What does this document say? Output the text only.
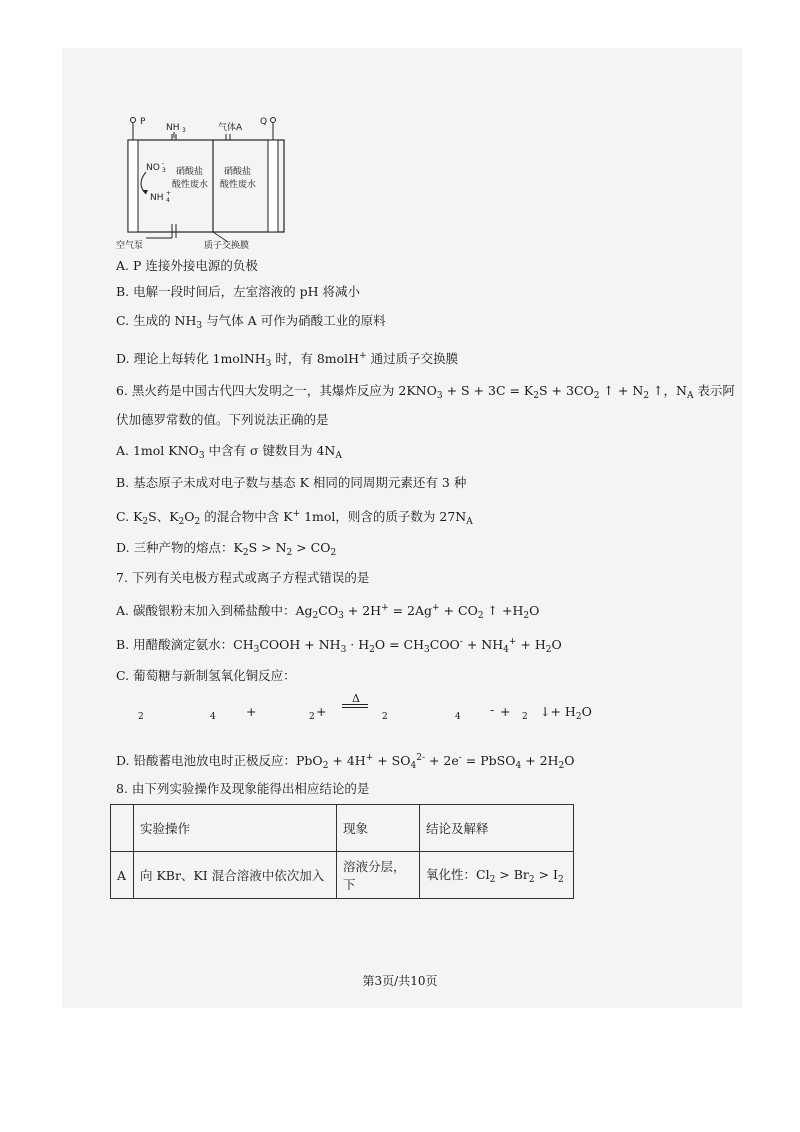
P	Q
NH 3	气体A
NO 3
-
NH 4
+
硝酸盐
酸性废水
硝酸盐
酸性废水
空气泵	质子交换膜
A. P 连接外接电源的负极
B. 电解一段时间后，左室溶液的 pH 将减小
C. 生成的 $NH_3$ 与气体 A 可作为硝酸工业的原料
D. 理论上每转化 1molNH$_3$ 时，有 8molH+ 通过质子交换膜
6. 黑火药是中国古代四大发明之一，其爆炸反应为 $2KNO_3 + S + 3C = K_2S + 3CO_2$ ↑ + $N_2$ ↑，$N_A$ 表示阿
伏加德罗常数的值。下列说法正确的是
A. 1mol $KNO_3$ 中含有 σ 键数目为 $4N_A$
B. 基态原子未成对电子数与基态 K 相同的同周期元素还有 3 种
C. $K_2S$、$K_2O_2$ 的混合物中含 K+ 1mol，则含的质子数为 $27N_A$
D. 三种产物的熔点：$K_2S > N_2 > CO_2$
7. 下列有关电极方程式或离子方程式错误的是
A. 碳酸银粉末加入到稀盐酸中：$Ag_2CO_3 + 2H^+ = 2Ag^+ + CO_2$ ↑ $+H_2O$
B. 用醋酸滴定氨水：$CH_3COOH + NH_3 \cdot H_2O = CH_3COO^- + NH_4^+ + H_2O$
C. 葡萄糖与新制氢氧化铜反应：
2	4 +	2 +
Δ
2	4 - + 2 ↓+ $H_2O$
D. 铅酸蓄电池放电时正极反应：$PbO_2 + 4H^+ + SO_4^{2-} + 2e^-$ = PbSO$_4$ + $2H_2O$
8. 由下列实验操作及现象能得出相应结论的是
	实验操作	现象	结论及解释
A	向 KBr、KI 混合溶液中依次加入	溶液分层，下	氧化性：$Cl_2 > Br_2 > I_2$
第3页/共10页
